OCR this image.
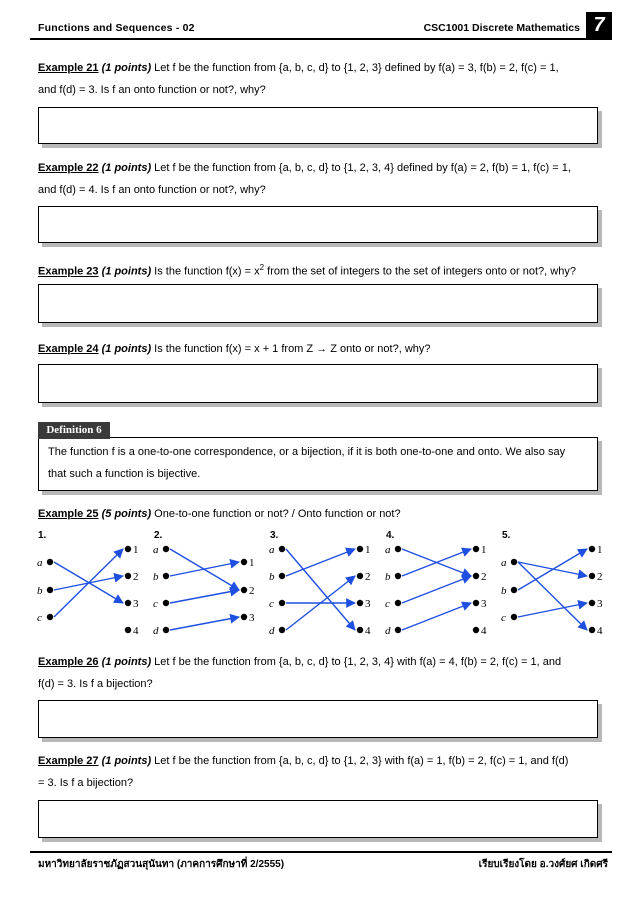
Functions and Sequences - 02	CSC1001 Discrete Mathematics 7
Example 21 (1 points) Let f be the function from {a, b, c, d} to {1, 2, 3} defined by f(a) = 3, f(b) = 2, f(c) = 1,
and f(d) = 3. Is f an onto function or not?, why?
Example 22 (1 points) Let f be the function from {a, b, c, d} to {1, 2, 3, 4} defined by f(a) = 2, f(b) = 1, f(c) = 1,
and f(d) = 4. Is f an onto function or not?, why?
Example 23 (1 points) Is the function $f(x) = x^2$ from the set of integers to the set of integers onto or not?, why?
Example 24 (1 points) Is the function f(x) = x + 1 from Z → Z onto or not?, why?
Definition 6
The function f is a one-to-one correspondence, or a bijection, if it is both one-to-one and onto. We also say
that such a function is bijective.
Example 25 (5 points) One-to-one function or not? / Onto function or not?
1.	2.	3.	4.	5.
a
b
c
1
2
3
4
a
b
c
d
1
2
3
a
b
c
d
1
2
3
4
a
b
c
d
1
2
3
4
a
b
c
1
2
3
4
Example 26 (1 points) Let f be the function from {a, b, c, d} to {1, 2, 3, 4} with f(a) = 4, f(b) = 2, f(c) = 1, and
f(d) = 3. Is f a bijection?
Example 27 (1 points) Let f be the function from {a, b, c, d} to {1, 2, 3} with f(a) = 1, f(b) = 2, f(c) = 1, and f(d)
= 3. Is f a bijection?
มหาวิทยาลัยราชภัฏสวนสุนันทา (ภาคการศึกษาที่ 2/2555)	เรียบเรียงโดย อ.วงศ์ยศ เกิดศรี
